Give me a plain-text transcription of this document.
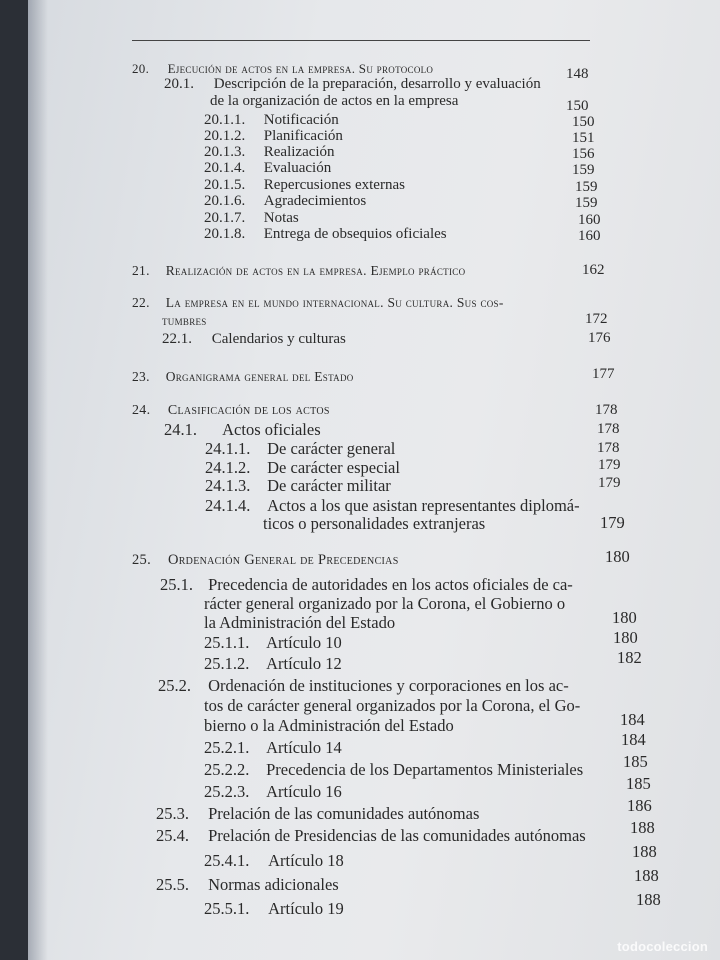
20. Ejecución de actos en la empresa. Su protocolo	148
20.1. Descripción de la preparación, desarrollo y evaluación
de la organización de actos en la empresa	150
20.1.1. Notificación	150
20.1.2. Planificación	151
20.1.3. Realización	156
20.1.4. Evaluación	159
20.1.5. Repercusiones externas	159
20.1.6. Agradecimientos	159
20.1.7. Notas	160
20.1.8. Entrega de obsequios oficiales	160
21. Realización de actos en la empresa. Ejemplo práctico	162
22. La empresa en el mundo internacional. Su cultura. Sus cos-
tumbres	172
22.1. Calendarios y culturas	176
23. Organigrama general del Estado	177
24. Clasificación de los actos	178
24.1. Actos oficiales	178
24.1.1. De carácter general	178
24.1.2. De carácter especial	179
24.1.3. De carácter militar	179
24.1.4. Actos a los que asistan representantes diplomá-
ticos o personalidades extranjeras	179
25. Ordenación General de Precedencias	180
25.1. Precedencia de autoridades en los actos oficiales de ca-
rácter general organizado por la Corona, el Gobierno o
la Administración del Estado	180
25.1.1. Artículo 10	180
25.1.2. Artículo 12	182
25.2. Ordenación de instituciones y corporaciones en los ac-
tos de carácter general organizados por la Corona, el Go-
bierno o la Administración del Estado	184
25.2.1. Artículo 14	184
25.2.2. Precedencia de los Departamentos Ministeriales 185
25.2.3. Artículo 16	185
25.3. Prelación de las comunidades autónomas	186
25.4. Prelación de Presidencias de las comunidades autónomas	188
25.4.1. Artículo 18	188
25.5. Normas adicionales	188
25.5.1. Artículo 19	188
todocoleccion
